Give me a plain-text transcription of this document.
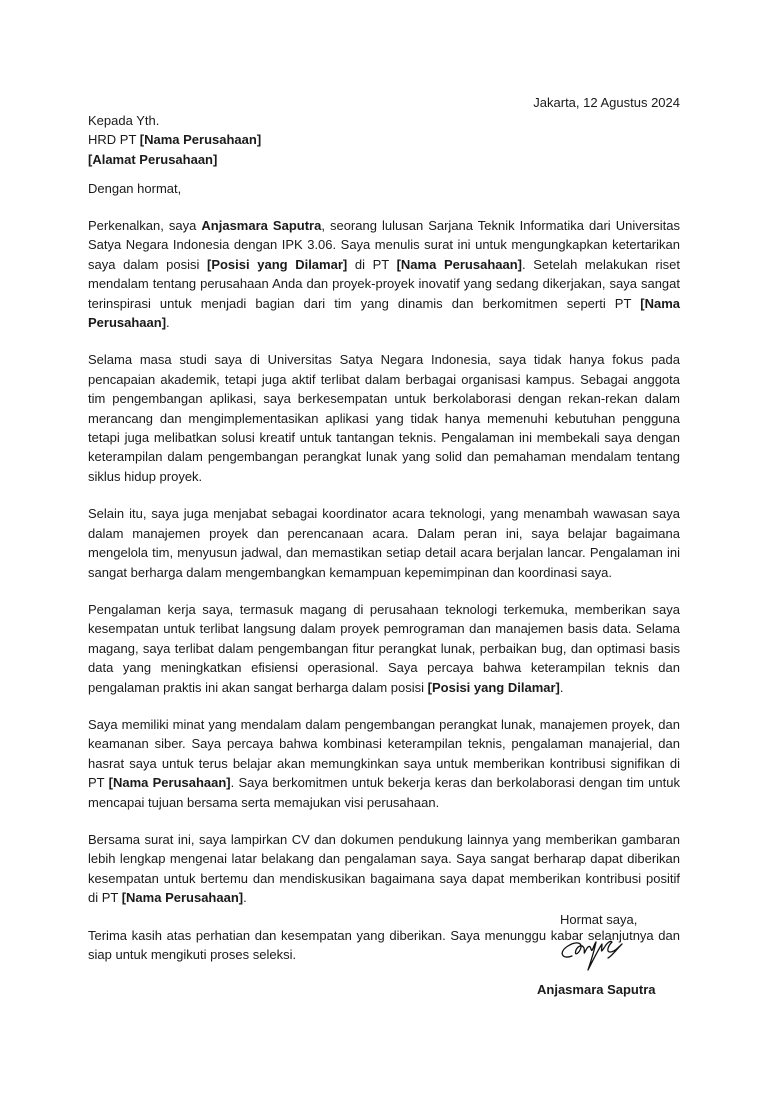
Jakarta, 12 Agustus 2024
Kepada Yth.
HRD PT [Nama Perusahaan]
[Alamat Perusahaan]
Dengan hormat,

Perkenalkan, saya Anjasmara Saputra, seorang lulusan Sarjana Teknik Informatika dari Universitas Satya Negara Indonesia dengan IPK 3.06. Saya menulis surat ini untuk mengungkapkan ketertarikan saya dalam posisi [Posisi yang Dilamar] di PT [Nama Perusahaan]. Setelah melakukan riset mendalam tentang perusahaan Anda dan proyek-proyek inovatif yang sedang dikerjakan, saya sangat terinspirasi untuk menjadi bagian dari tim yang dinamis dan berkomitmen seperti PT [Nama Perusahaan].

Selama masa studi saya di Universitas Satya Negara Indonesia, saya tidak hanya fokus pada pencapaian akademik, tetapi juga aktif terlibat dalam berbagai organisasi kampus. Sebagai anggota tim pengembangan aplikasi, saya berkesempatan untuk berkolaborasi dengan rekan-rekan dalam merancang dan mengimplementasikan aplikasi yang tidak hanya memenuhi kebutuhan pengguna tetapi juga melibatkan solusi kreatif untuk tantangan teknis. Pengalaman ini membekali saya dengan keterampilan dalam pengembangan perangkat lunak yang solid dan pemahaman mendalam tentang siklus hidup proyek.

Selain itu, saya juga menjabat sebagai koordinator acara teknologi, yang menambah wawasan saya dalam manajemen proyek dan perencanaan acara. Dalam peran ini, saya belajar bagaimana mengelola tim, menyusun jadwal, dan memastikan setiap detail acara berjalan lancar. Pengalaman ini sangat berharga dalam mengembangkan kemampuan kepemimpinan dan koordinasi saya.

Pengalaman kerja saya, termasuk magang di perusahaan teknologi terkemuka, memberikan saya kesempatan untuk terlibat langsung dalam proyek pemrograman dan manajemen basis data. Selama magang, saya terlibat dalam pengembangan fitur perangkat lunak, perbaikan bug, dan optimasi basis data yang meningkatkan efisiensi operasional. Saya percaya bahwa keterampilan teknis dan pengalaman praktis ini akan sangat berharga dalam posisi [Posisi yang Dilamar].

Saya memiliki minat yang mendalam dalam pengembangan perangkat lunak, manajemen proyek, dan keamanan siber. Saya percaya bahwa kombinasi keterampilan teknis, pengalaman manajerial, dan hasrat saya untuk terus belajar akan memungkinkan saya untuk memberikan kontribusi signifikan di PT [Nama Perusahaan]. Saya berkomitmen untuk bekerja keras dan berkolaborasi dengan tim untuk mencapai tujuan bersama serta memajukan visi perusahaan.

Bersama surat ini, saya lampirkan CV dan dokumen pendukung lainnya yang memberikan gambaran lebih lengkap mengenai latar belakang dan pengalaman saya. Saya sangat berharap dapat diberikan kesempatan untuk bertemu dan mendiskusikan bagaimana saya dapat memberikan kontribusi positif di PT [Nama Perusahaan].

Terima kasih atas perhatian dan kesempatan yang diberikan. Saya menunggu kabar selanjutnya dan siap untuk mengikuti proses seleksi.

Hormat saya,
Anjasmara Saputra
